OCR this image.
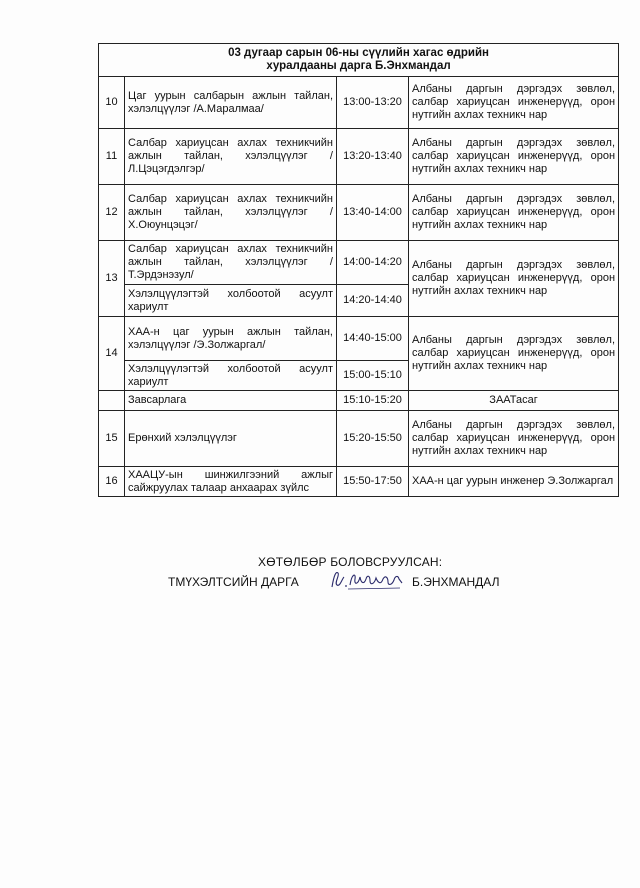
03 дугаар сарын 06-ны сүүлийн хагас өдрийн
хуралдааны дарга Б.Энхмандал			

10	Цаг уурын салбарын ажлын тайлан, хэлэлцүүлэг /А.Маралмаа/	13:00-13:20	Албаны даргын дэргэдэх зөвлөл, салбар хариуцсан инженерүүд, орон нутгийн ахлах техникч нар
11	Салбар хариуцсан ахлах техникчийн ажлын тайлан, хэлэлцүүлэг /Л.Цэцэгдэлгэр/	13:20-13:40	Албаны даргын дэргэдэх зөвлөл, салбар хариуцсан инженерүүд, орон нутгийн ахлах техникч нар
12	Салбар хариуцсан ахлах техникчийн ажлын тайлан, хэлэлцүүлэг /Х.Оюунцэцэг/	13:40-14:00	Албаны даргын дэргэдэх зөвлөл, салбар хариуцсан инженерүүд, орон нутгийн ахлах техникч нар
13	Салбар хариуцсан ахлах техникчийн ажлын тайлан, хэлэлцүүлэг /Т.Эрдэнэзул/	14:00-14:20	Албаны даргын дэргэдэх зөвлөл, салбар хариуцсан инженерүүд, орон нутгийн ахлах техникч нар
	Хэлэлцүүлэгтэй холбоотой асуулт хариулт	14:20-14:40	
14	ХАА-н цаг уурын ажлын тайлан, хэлэлцүүлэг /Э.Золжаргал/	14:40-15:00	Албаны даргын дэргэдэх зөвлөл, салбар хариуцсан инженерүүд, орон нутгийн ахлах техникч нар
	Хэлэлцүүлэгтэй холбоотой асуулт хариулт	15:00-15:10	
	Завсарлага	15:10-15:20	ЗААТасаг
15	Ерөнхий хэлэлцүүлэг	15:20-15:50	Албаны даргын дэргэдэх зөвлөл, салбар хариуцсан инженерүүд, орон нутгийн ахлах техникч нар
16	ХААЦУ-ын шинжилгээний ажлыг сайжруулах талаар анхаарах зүйлс	15:50-17:50	ХАА-н цаг уурын инженер Э.Золжаргал
ХӨТӨЛБӨР БОЛОВСРУУЛСАН:
ТМҮХЭЛТСИЙН ДАРГА	Б.ЭНХМАНДАЛ
